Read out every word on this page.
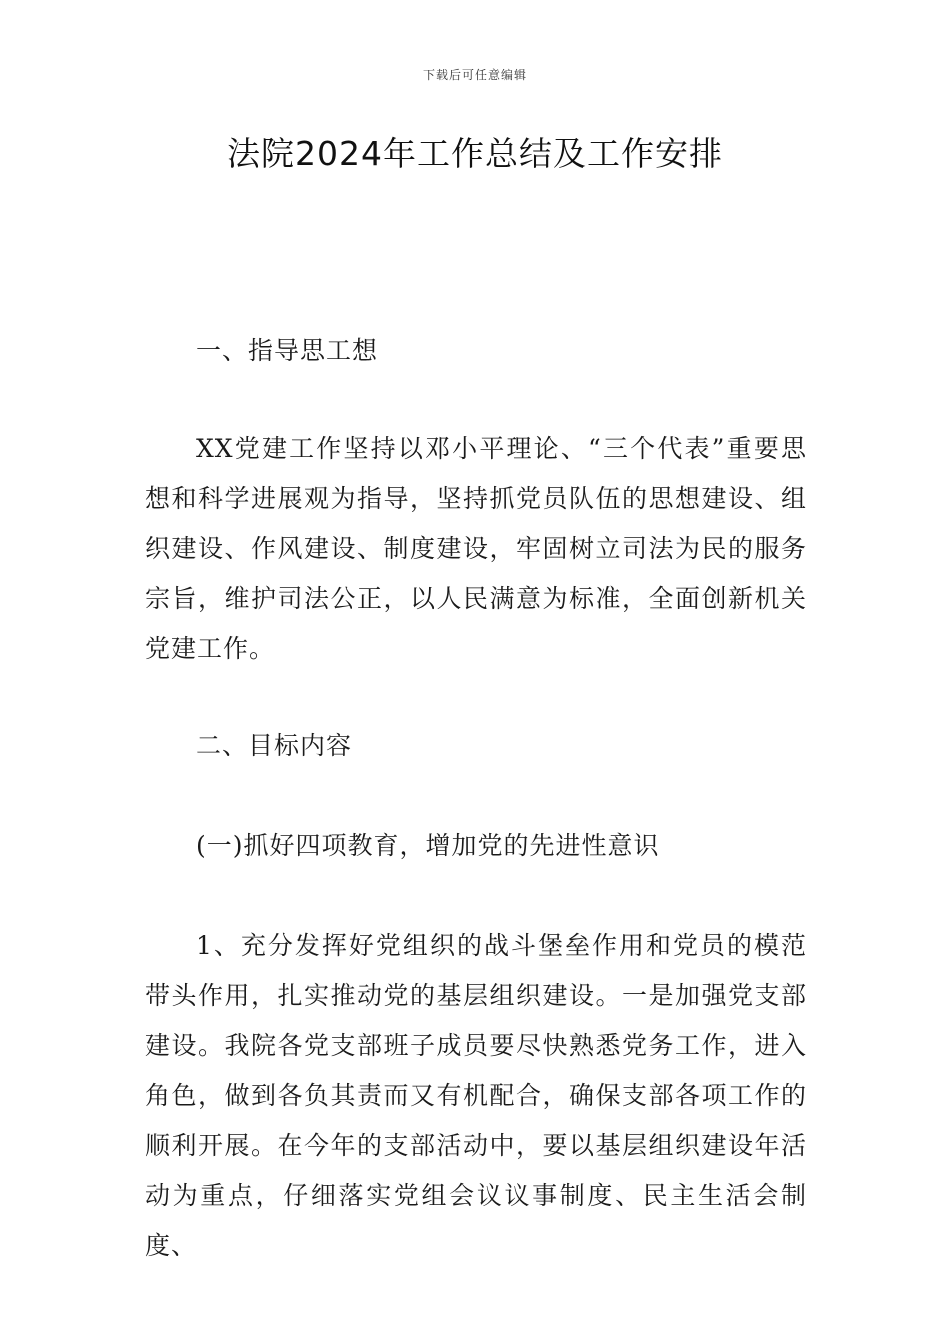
下载后可任意编辑
法院2024年工作总结及工作安排
一、指导思工想
XX党建工作坚持以邓小平理论、“三个代表”重要思想和科学进展观为指导，坚持抓党员队伍的思想建设、组织建设、作风建设、制度建设，牢固树立司法为民的服务宗旨，维护司法公正，以人民满意为标准，全面创新机关党建工作。
二、目标内容
(一)抓好四项教育，增加党的先进性意识
1、充分发挥好党组织的战斗堡垒作用和党员的模范带头作用，扎实推动党的基层组织建设。一是加强党支部建设。我院各党支部班子成员要尽快熟悉党务工作，进入角色，做到各负其责而又有机配合，确保支部各项工作的顺利开展。在今年的支部活动中，要以基层组织建设年活动为重点，仔细落实党组会议议事制度、民主生活会制度、
